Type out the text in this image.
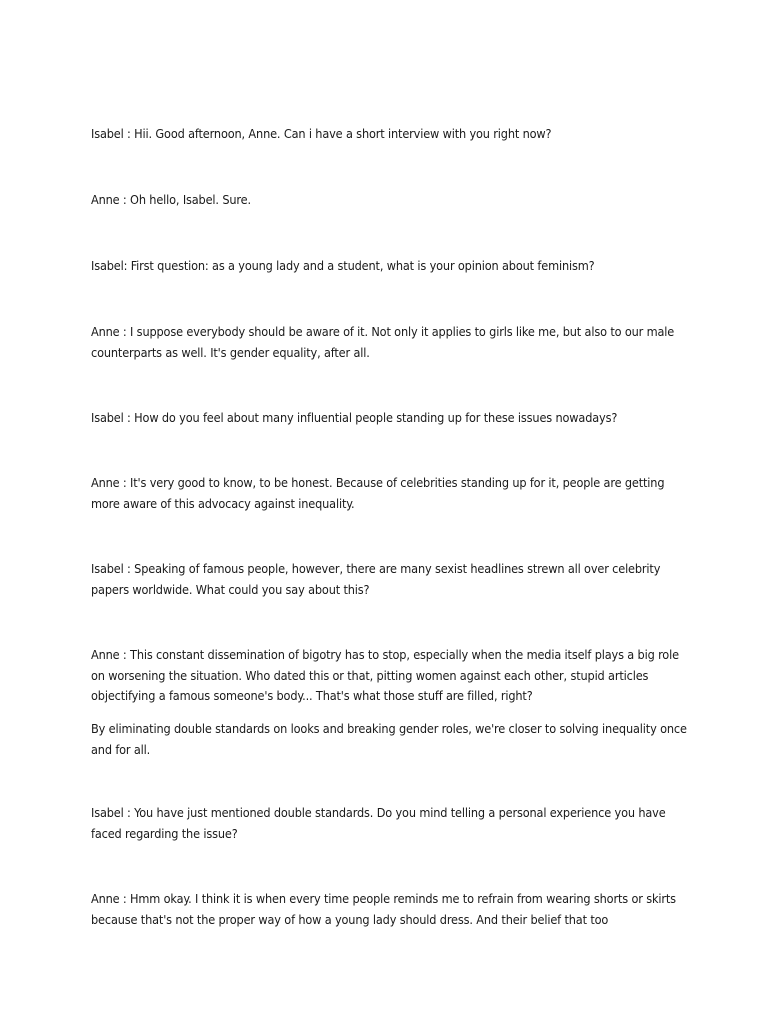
Isabel : Hii. Good afternoon, Anne. Can i have a short interview with you right now?

Anne : Oh hello, Isabel. Sure.

Isabel: First question: as a young lady and a student, what is your opinion about feminism?

Anne : I suppose everybody should be aware of it. Not only it applies to girls like me, but also to our male counterparts as well. It's gender equality, after all.

Isabel : How do you feel about many influential people standing up for these issues nowadays?

Anne : It's very good to know, to be honest. Because of celebrities standing up for it, people are getting more aware of this advocacy against inequality.

Isabel : Speaking of famous people, however, there are many sexist headlines strewn all over celebrity papers worldwide. What could you say about this?

Anne : This constant dissemination of bigotry has to stop, especially when the media itself plays a big role on worsening the situation. Who dated this or that, pitting women against each other, stupid articles objectifying a famous someone's body... That's what those stuff are filled, right?

By eliminating double standards on looks and breaking gender roles, we're closer to solving inequality once and for all.

Isabel : You have just mentioned double standards. Do you mind telling a personal experience you have faced regarding the issue?

Anne : Hmm okay. I think it is when every time people reminds me to refrain from wearing shorts or skirts because that's not the proper way of how a young lady should dress. And their belief that too
